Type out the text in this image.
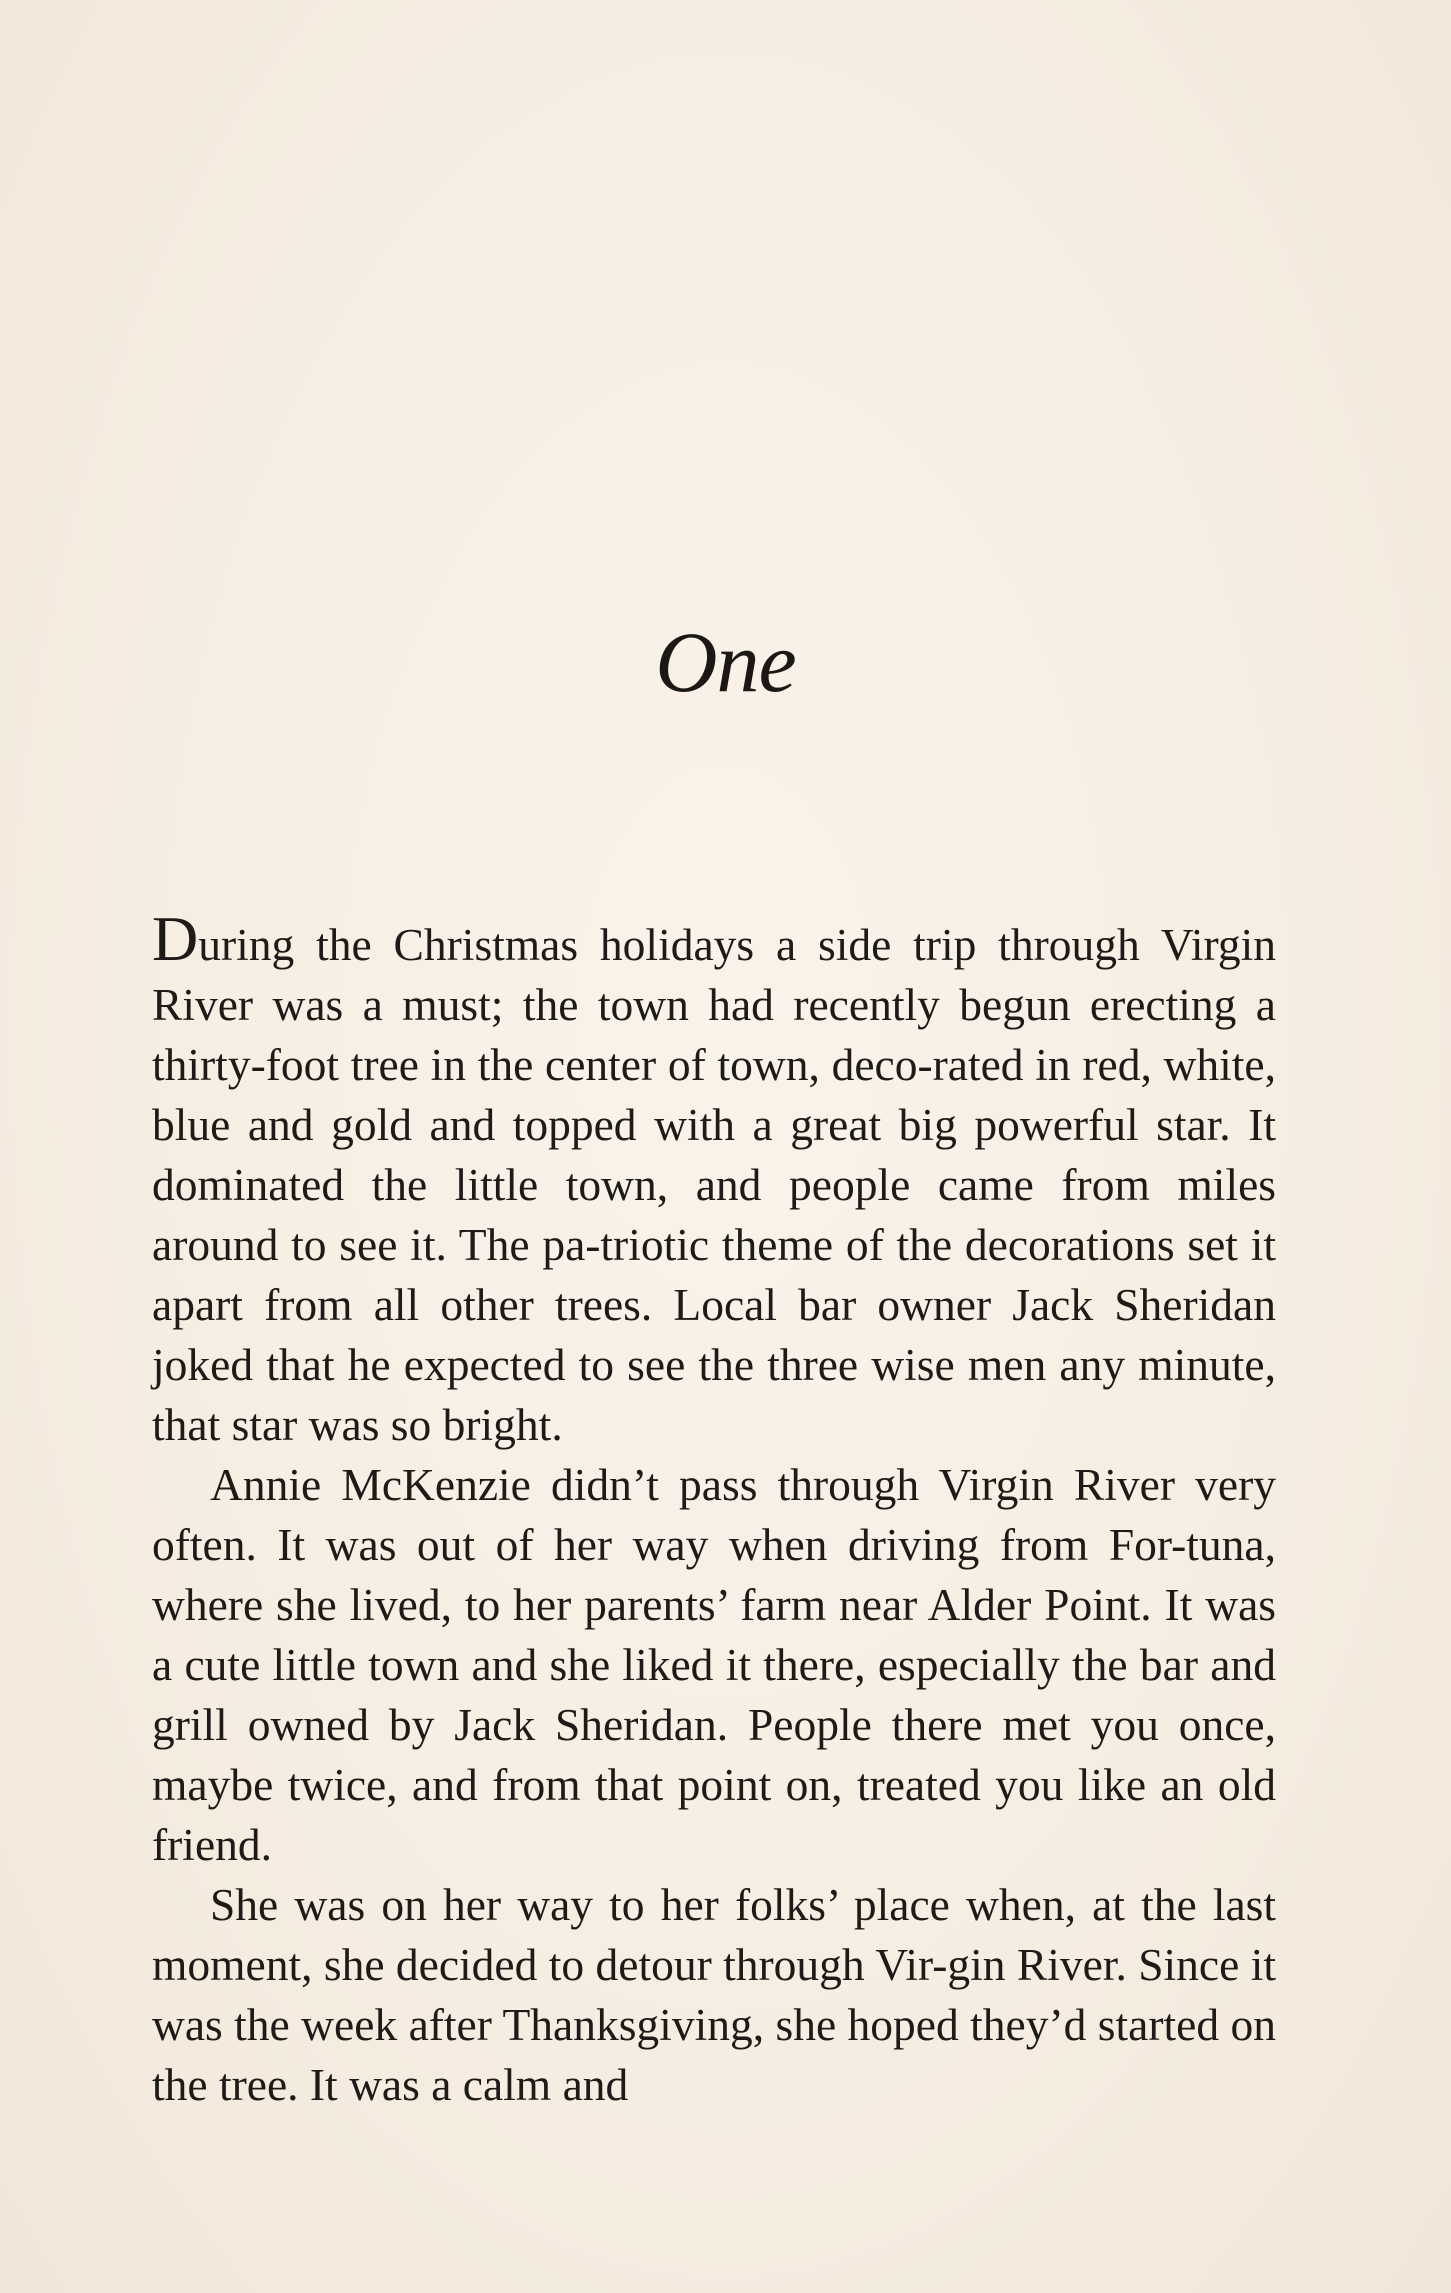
One

During the Christmas holidays a side trip through Virgin River was a must; the town had recently begun erecting a thirty-foot tree in the center of town, deco-rated in red, white, blue and gold and topped with a great big powerful star. It dominated the little town, and people came from miles around to see it. The pa-triotic theme of the decorations set it apart from all other trees. Local bar owner Jack Sheridan joked that he expected to see the three wise men any minute, that star was so bright.

Annie McKenzie didn’t pass through Virgin River very often. It was out of her way when driving from For-tuna, where she lived, to her parents’ farm near Alder Point. It was a cute little town and she liked it there, especially the bar and grill owned by Jack Sheridan. People there met you once, maybe twice, and from that point on, treated you like an old friend.

She was on her way to her folks’ place when, at the last moment, she decided to detour through Vir-gin River. Since it was the week after Thanksgiving, she hoped they’d started on the tree. It was a calm and
